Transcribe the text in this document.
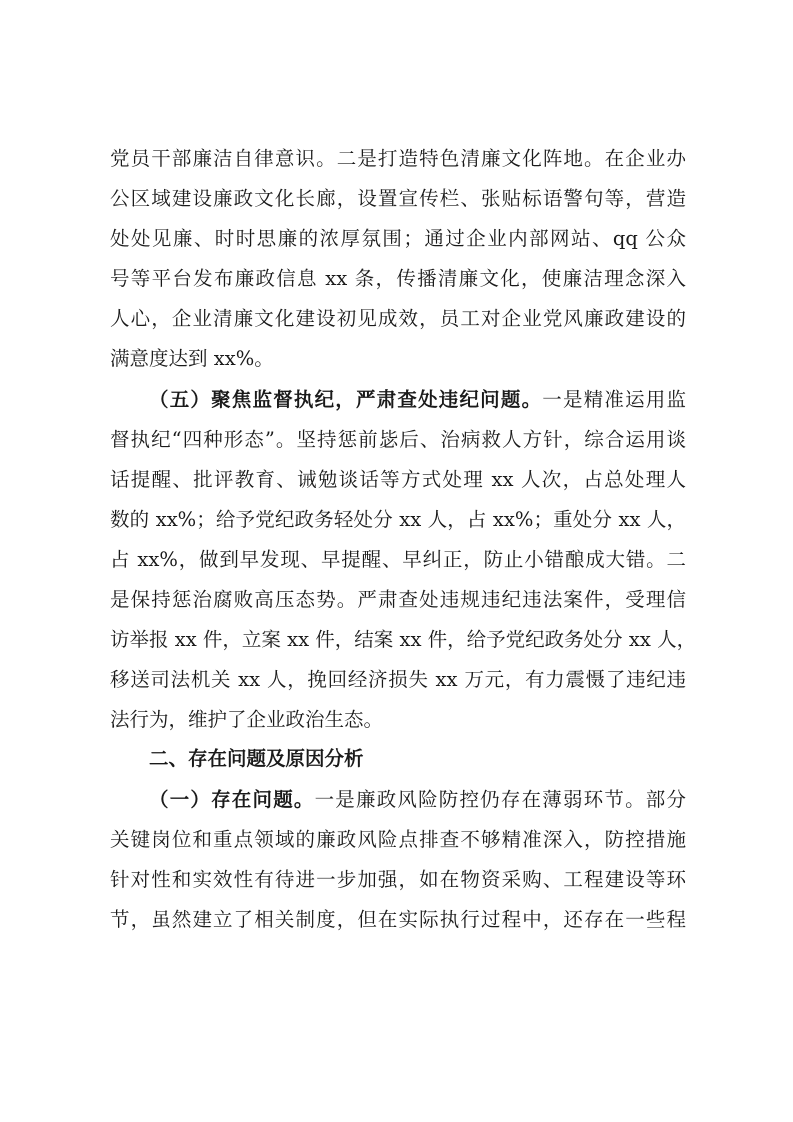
党员干部廉洁自律意识。二是打造特色清廉文化阵地。在企业办
公区域建设廉政文化长廊，设置宣传栏、张贴标语警句等，营造
处处见廉、时时思廉的浓厚氛围；通过企业内部网站、qq 公众
号等平台发布廉政信息 xx 条，传播清廉文化，使廉洁理念深入
人心，企业清廉文化建设初见成效，员工对企业党风廉政建设的
满意度达到 xx%。
（五）聚焦监督执纪，严肃查处违纪问题。一是精准运用监
督执纪“四种形态”。坚持惩前毖后、治病救人方针，综合运用谈
话提醒、批评教育、诫勉谈话等方式处理 xx 人次，占总处理人
数的 xx%；给予党纪政务轻处分 xx 人，占 xx%；重处分 xx 人，
占 xx%，做到早发现、早提醒、早纠正，防止小错酿成大错。二
是保持惩治腐败高压态势。严肃查处违规违纪违法案件，受理信
访举报 xx 件，立案 xx 件，结案 xx 件，给予党纪政务处分 xx 人，
移送司法机关 xx 人，挽回经济损失 xx 万元，有力震慑了违纪违
法行为，维护了企业政治生态。
二、存在问题及原因分析
（一）存在问题。一是廉政风险防控仍存在薄弱环节。部分
关键岗位和重点领域的廉政风险点排查不够精准深入，防控措施
针对性和实效性有待进一步加强，如在物资采购、工程建设等环
节，虽然建立了相关制度，但在实际执行过程中，还存在一些程
